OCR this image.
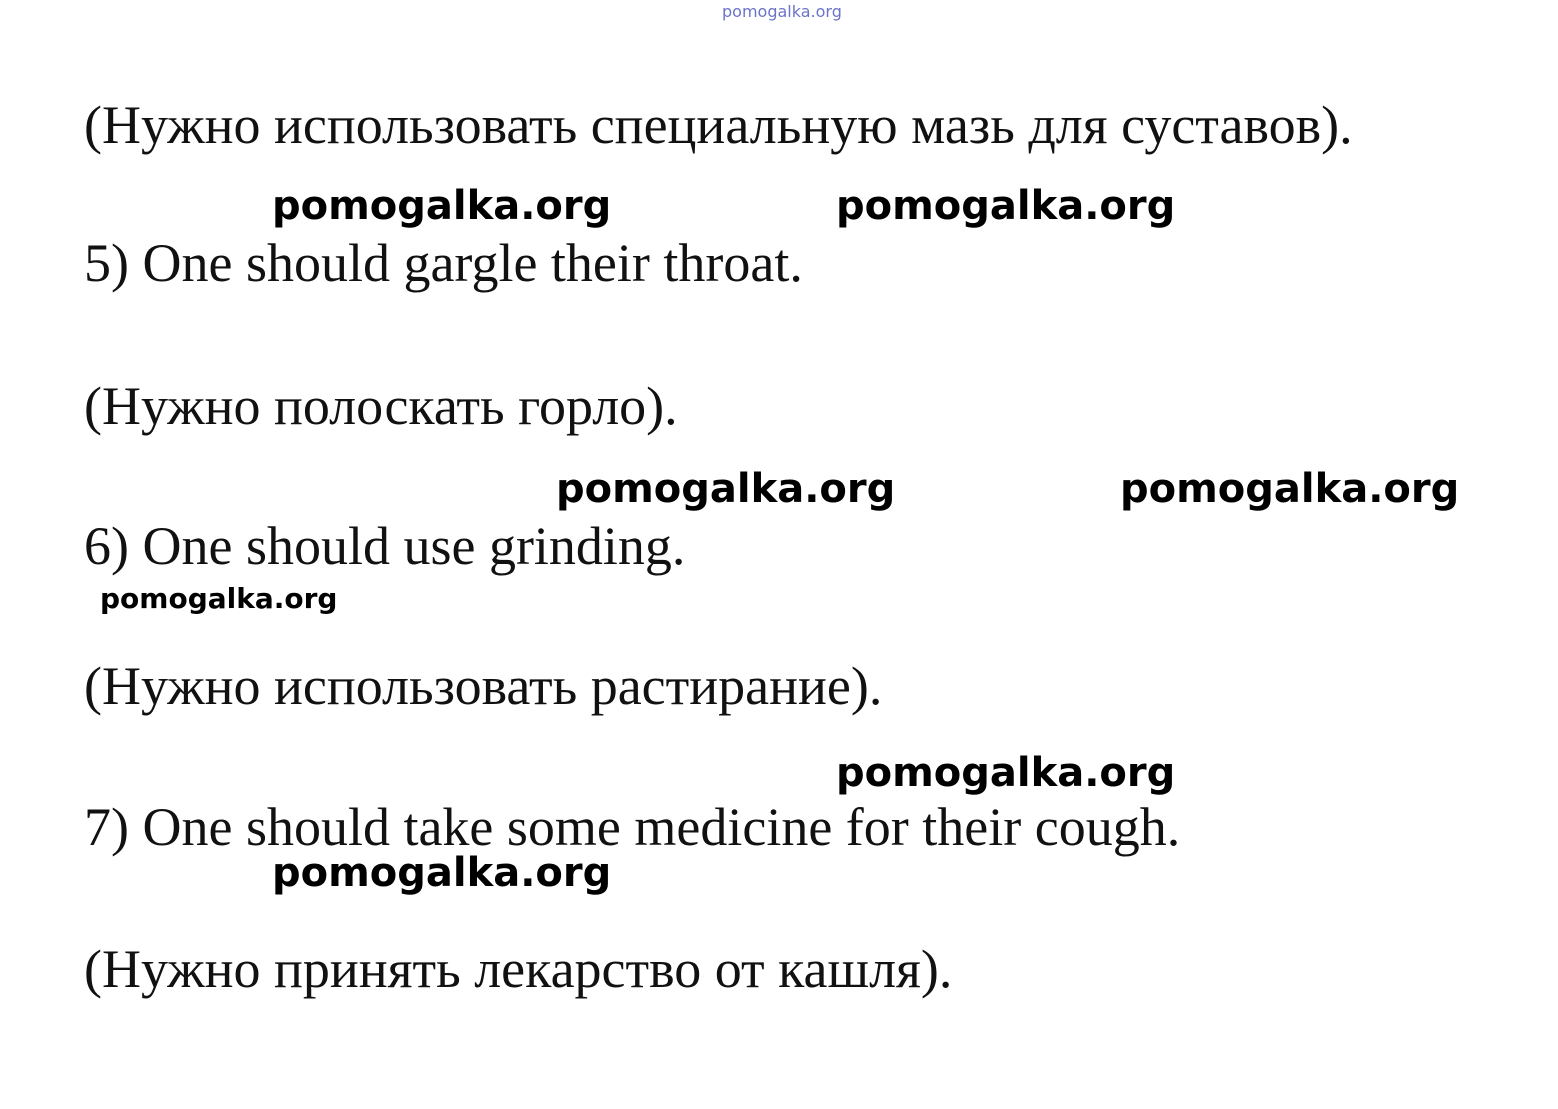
pomogalka.org
(Нужно использовать специальную мазь для суставов).
pomogalka.org	pomogalka.org
5) One should gargle their throat.
(Нужно полоскать горло).
pomogalka.org	pomogalka.org
6) One should use grinding.
pomogalka.org
(Нужно использовать растирание).
pomogalka.org
7) One should take some medicine for their cough.
pomogalka.org
(Нужно принять лекарство от кашля).
